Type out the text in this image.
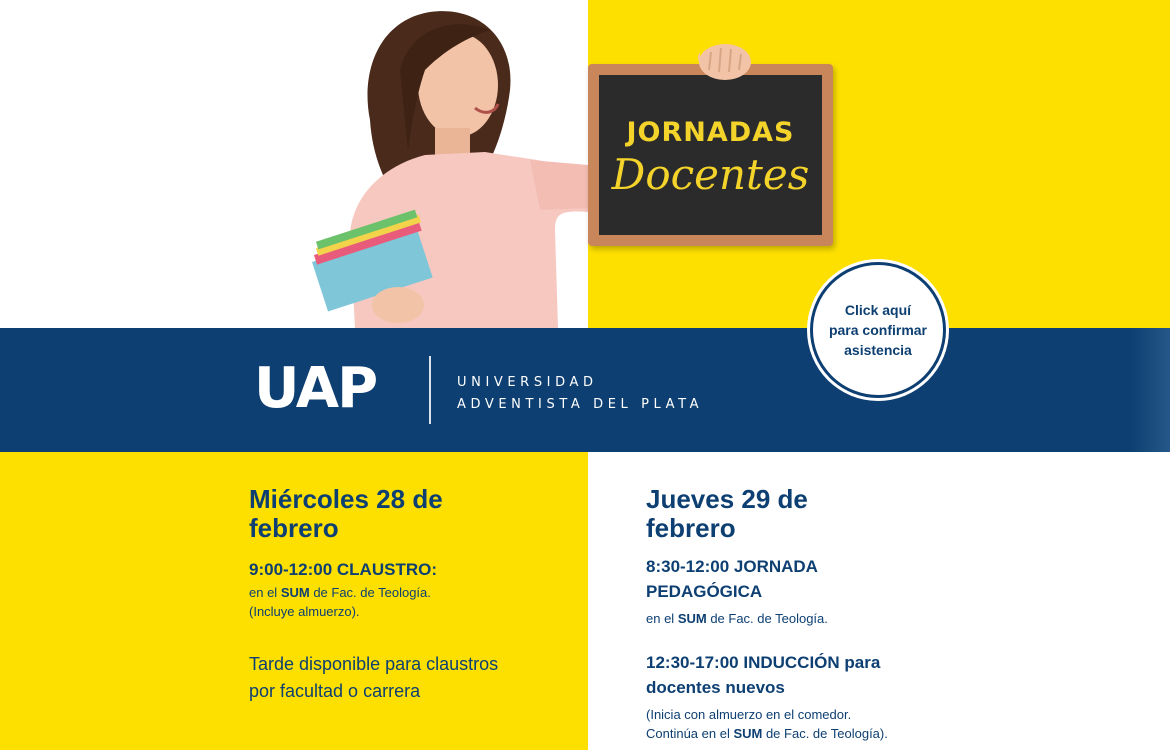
JORNADAS
Docentes
UAP	UNIVERSIDAD
ADVENTISTA DEL PLATA
Click aquí
para confirmar
asistencia
Miércoles 28 de
febrero
9:00-12:00 CLAUSTRO:
en el SUM de Fac. de Teología.
(Incluye almuerzo).
Tarde disponible para claustros
por facultad o carrera
Jueves 29 de
febrero
8:30-12:00 JORNADA
PEDAGÓGICA
en el SUM de Fac. de Teología.
12:30-17:00 INDUCCIÓN para
docentes nuevos
(Inicia con almuerzo en el comedor.
Continúa en el SUM de Fac. de Teología).
